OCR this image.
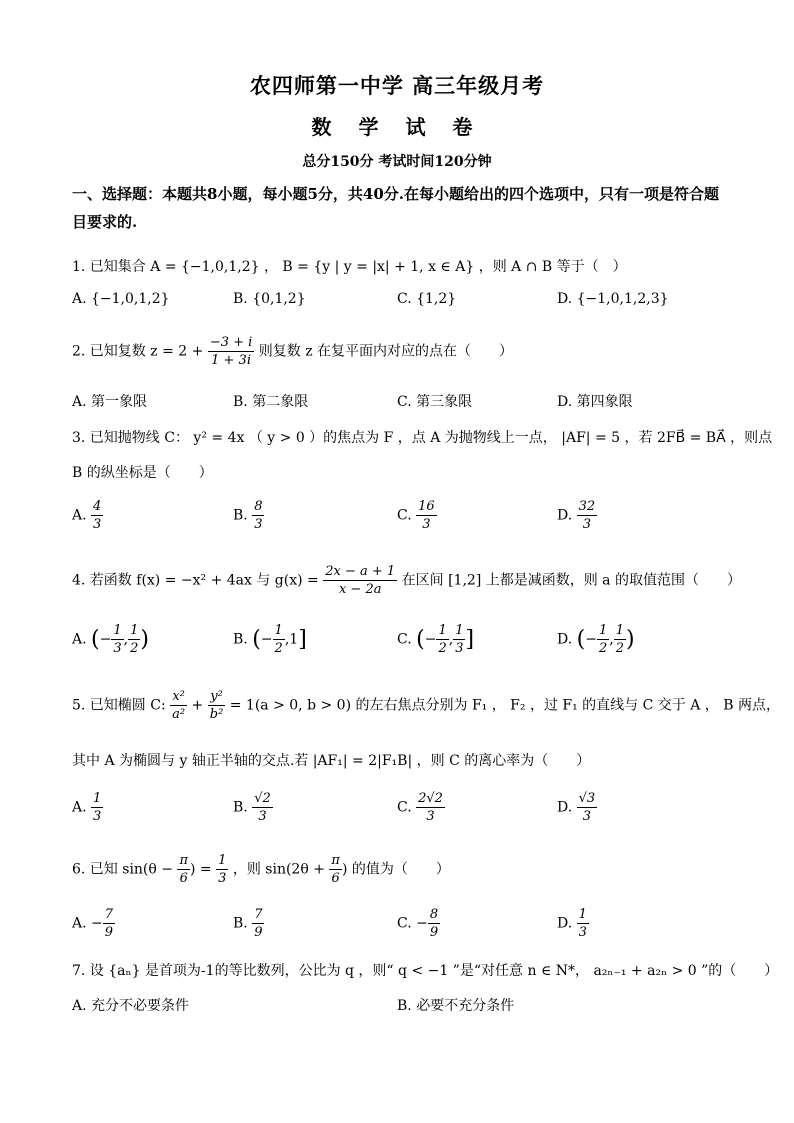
农四师第一中学 高三年级月考
数 学 试 卷
总分150分 考试时间120分钟
一、选择题：本题共8小题，每小题5分，共40分.在每小题给出的四个选项中，只有一项是符合题目要求的.
1. 已知集合 A = {−1,0,1,2} ， B = {y | y = |x| + 1, x ∈ A} ，则 A ∩ B 等于（　）
A. {−1,0,1,2}	B. {0,1,2}	C. {1,2}	D. {−1,0,1,2,3}
2. 已知复数 $z = 2 + \frac{-3 + i}{1 + 3i}$ 则复数 z 在复平面内对应的点在（　　）
A. 第一象限	B. 第二象限	C. 第三象限	D. 第四象限
3. 已知抛物线 C： y² = 4x （ y > 0 ）的焦点为 F ，点 A 为抛物线上一点， |AF| = 5 ，若 2FB⃗ = BA⃗ ，则点
B 的纵坐标是（　　）
A. $\frac{4}{3}$	B. $\frac{8}{3}$	C. $\frac{16}{3}$	D. $\frac{32}{3}$
4. 若函数 f(x) = −x² + 4ax 与 $g(x) = \frac{2x - a + 1}{x - 2a}$ 在区间 [1,2] 上都是减函数，则 a 的取值范围（　　）
A. (− $\frac{1}{3}$ , $\frac{1}{2}$ )	B. (− $\frac{1}{2} ,1$]	C. (− $\frac{1}{2}$ , $\frac{1}{3}$ ]	D. (− $\frac{1}{2}$ , $\frac{1}{2}$ )
5. 已知椭圆 C: $\frac{\text{x²}}{\text{a²}} + \frac{\text{y²}}{\text{b²}} = 1(a > 0$, b > 0) 的左右焦点分别为 F₁ ， F₂ ，过 F₁ 的直线与 C 交于 A ， B 两点，
其中 A 为椭圆与 y 轴正半轴的交点.若 |AF₁| = 2|F₁B| ，则 C 的离心率为（　　）
A. $\frac{1}{3}$	B. $\frac{√2}{3}$	C. $\frac{2√2}{3}$	D. $\frac{√3}{3}$
6. 已知 $\sin(\theta - \frac{\pi}{6}$ ) = $\frac{1}{3}$ ，则 $\sin(2\theta + \frac{\pi}{6}$ ) 的值为（　　）
A. − $\frac{7}{9}$	B. $\frac{7}{9}$	C. − $\frac{8}{9}$	D. $\frac{1}{3}$
7. 设 {aₙ} 是首项为-1的等比数列，公比为 q ，则“ q < −1 ”是“对任意 n ∈ N*， a₂ₙ₋₁ + a₂ₙ > 0 ”的（　　）
A. 充分不必要条件	B. 必要不充分条件
